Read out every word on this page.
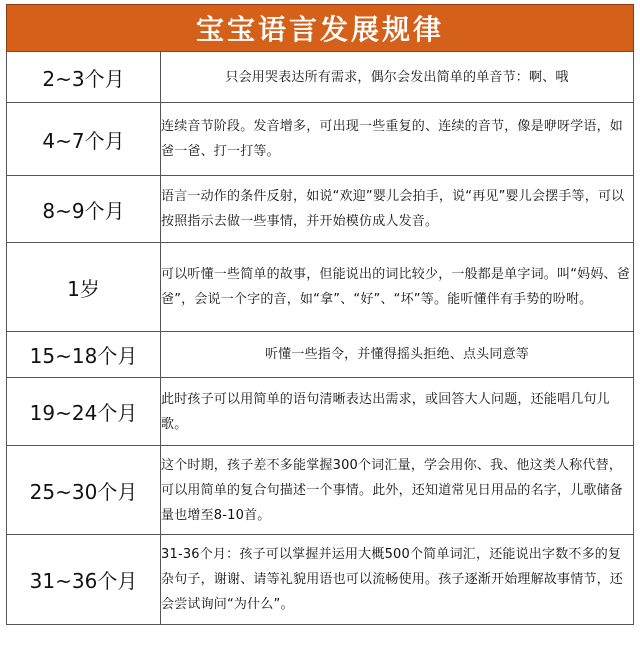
宝宝语言发展规律
2~3个月	只会用哭表达所有需求，偶尔会发出简单的单音节：啊、哦
4~7个月	连续音节阶段。发音增多，可出现一些重复的、连续的音节，像是咿呀学语，如爸一爸、打一打等。
8~9个月	语言一动作的条件反射，如说“欢迎”婴儿会拍手，说“再见”婴儿会摆手等，可以按照指示去做一些事情，并开始模仿成人发音。
1岁	可以听懂一些简单的故事，但能说出的词比较少，一般都是单字词。叫“妈妈、爸爸”，会说一个字的音，如“拿”、“好”、“坏”等。能听懂伴有手势的吩咐。
15~18个月	听懂一些指令，并懂得摇头拒绝、点头同意等
19~24个月	此时孩子可以用简单的语句清晰表达出需求，或回答大人问题，还能唱几句儿歌。
25~30个月	这个时期，孩子差不多能掌握300个词汇量，学会用你、我、他这类人称代替，可以用简单的复合句描述一个事情。此外，还知道常见日用品的名字，儿歌储备量也增至8-10首。
31~36个月	31-36个月：孩子可以掌握并运用大概500个简单词汇，还能说出字数不多的复杂句子，谢谢、请等礼貌用语也可以流畅使用。孩子逐渐开始理解故事情节，还会尝试询问“为什么”。
